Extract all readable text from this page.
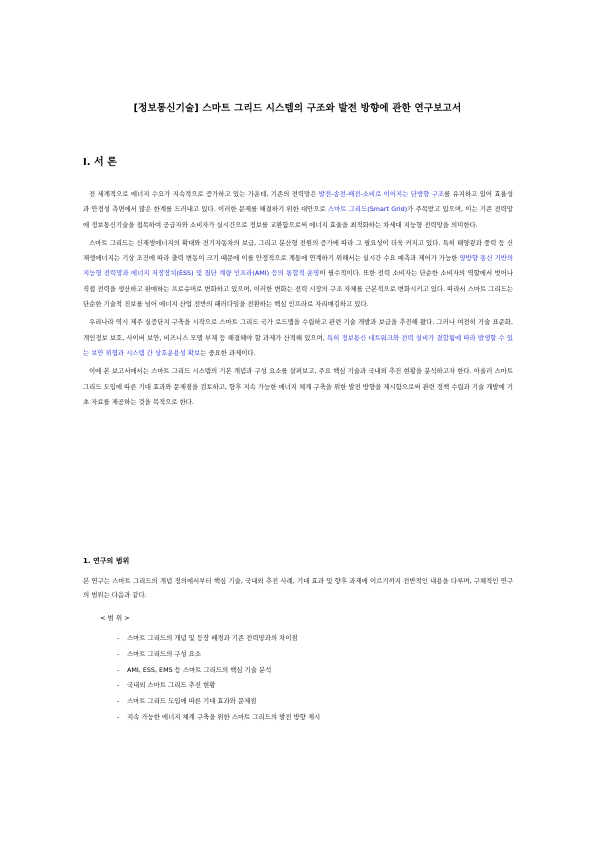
[정보통신기술] 스마트 그리드 시스템의 구조와 발전 방향에 관한 연구보고서
Ⅰ. 서 론

전 세계적으로 에너지 수요가 지속적으로 증가하고 있는 가운데, 기존의 전력망은 발전-송전-배전-소비로 이어지는 단방향 구조를 유지하고 있어 효율성과 안정성 측면에서 많은 한계를 드러내고 있다. 이러한 문제를 해결하기 위한 대안으로 스마트 그리드(Smart Grid)가 주목받고 있으며, 이는 기존 전력망에 정보통신기술을 접목하여 공급자와 소비자가 실시간으로 정보를 교환함으로써 에너지 효율을 최적화하는 차세대 지능형 전력망을 의미한다.

스마트 그리드는 신재생에너지의 확대와 전기자동차의 보급, 그리고 분산형 전원의 증가에 따라 그 필요성이 더욱 커지고 있다. 특히 태양광과 풍력 등 신재생에너지는 기상 조건에 따라 출력 변동이 크기 때문에 이를 안정적으로 계통에 연계하기 위해서는 실시간 수요 예측과 제어가 가능한 양방향 통신 기반의 지능형 전력망과 에너지 저장장치(ESS) 및 첨단 계량 인프라(AMI) 등의 통합적 운영이 필수적이다. 또한 전력 소비자는 단순한 소비자의 역할에서 벗어나 직접 전력을 생산하고 판매하는 프로슈머로 변화하고 있으며, 이러한 변화는 전력 시장의 구조 자체를 근본적으로 변화시키고 있다. 따라서 스마트 그리드는 단순한 기술적 진보를 넘어 에너지 산업 전반의 패러다임을 전환하는 핵심 인프라로 자리매김하고 있다.

우리나라 역시 제주 실증단지 구축을 시작으로 스마트 그리드 국가 로드맵을 수립하고 관련 기술 개발과 보급을 추진해 왔다. 그러나 여전히 기술 표준화, 개인정보 보호, 사이버 보안, 비즈니스 모델 부재 등 해결해야 할 과제가 산적해 있으며, 특히 정보통신 네트워크와 전력 설비가 결합됨에 따라 발생할 수 있는 보안 위협과 시스템 간 상호운용성 확보는 중요한 과제이다.

이에 본 보고서에서는 스마트 그리드 시스템의 기본 개념과 구성 요소를 살펴보고, 주요 핵심 기술과 국내외 추진 현황을 분석하고자 한다. 아울러 스마트 그리드 도입에 따른 기대 효과와 문제점을 검토하고, 향후 지속 가능한 에너지 체계 구축을 위한 발전 방향을 제시함으로써 관련 정책 수립과 기술 개발에 기초 자료를 제공하는 것을 목적으로 한다.

1. 연구의 범위
본 연구는 스마트 그리드의 개념 정의에서부터 핵심 기술, 국내외 추진 사례, 기대 효과 및 향후 과제에 이르기까지 전반적인 내용을 다루며, 구체적인 연구의 범위는 다음과 같다.
< 범 위 >
- 스마트 그리드의 개념 및 등장 배경과 기존 전력망과의 차이점
- 스마트 그리드의 구성 요소
- AMI, ESS, EMS 등 스마트 그리드의 핵심 기술 분석
- 국내외 스마트 그리드 추진 현황
- 스마트 그리드 도입에 따른 기대 효과와 문제점
- 지속 가능한 에너지 체계 구축을 위한 스마트 그리드의 발전 방향 제시
